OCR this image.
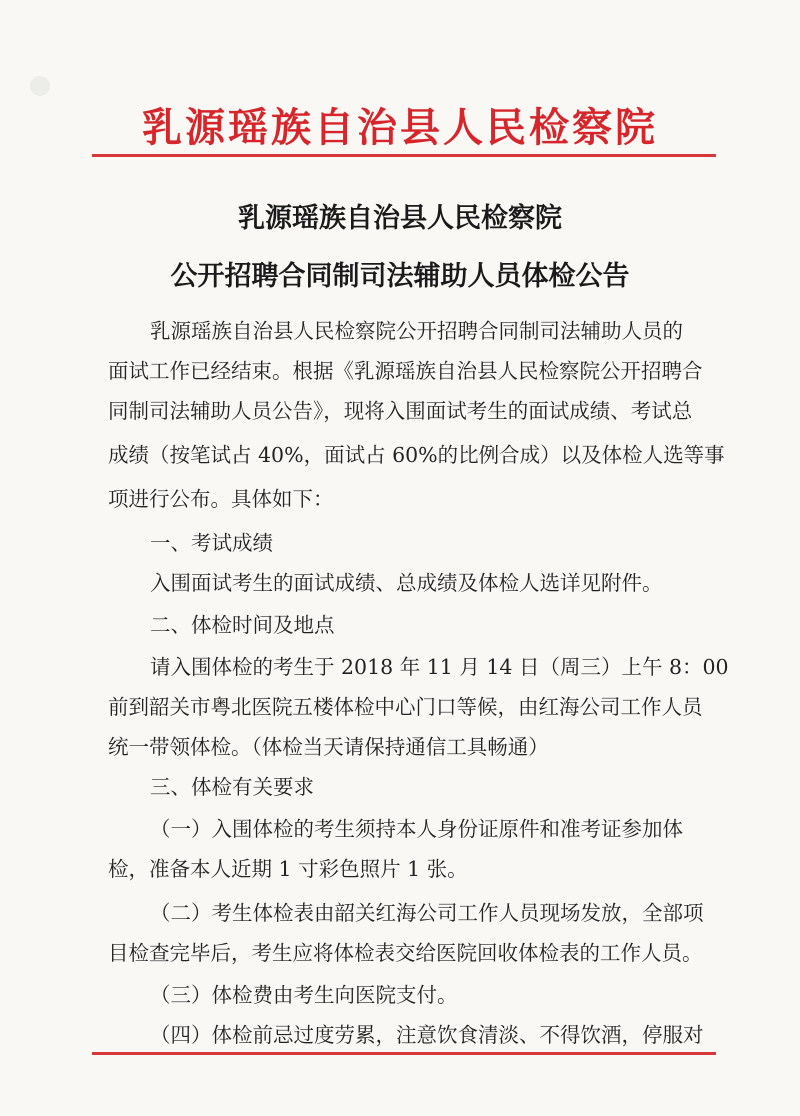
乳源瑶族自治县人民检察院
乳源瑶族自治县人民检察院
公开招聘合同制司法辅助人员体检公告
乳源瑶族自治县人民检察院公开招聘合同制司法辅助人员的
面试工作已经结束。根据《乳源瑶族自治县人民检察院公开招聘合
同制司法辅助人员公告》，现将入围面试考生的面试成绩、考试总
成绩（按笔试占 40%，面试占 60%的比例合成）以及体检人选等事
项进行公布。具体如下：
一、考试成绩
入围面试考生的面试成绩、总成绩及体检人选详见附件。
二、体检时间及地点
请入围体检的考生于 2018 年 11 月 14 日（周三）上午 8：00
前到韶关市粤北医院五楼体检中心门口等候，由红海公司工作人员
统一带领体检。（体检当天请保持通信工具畅通）
三、体检有关要求
（一）入围体检的考生须持本人身份证原件和准考证参加体
检，准备本人近期 1 寸彩色照片 1 张。
（二）考生体检表由韶关红海公司工作人员现场发放，全部项
目检查完毕后，考生应将体检表交给医院回收体检表的工作人员。
（三）体检费由考生向医院支付。
（四）体检前忌过度劳累，注意饮食清淡、不得饮酒，停服对
